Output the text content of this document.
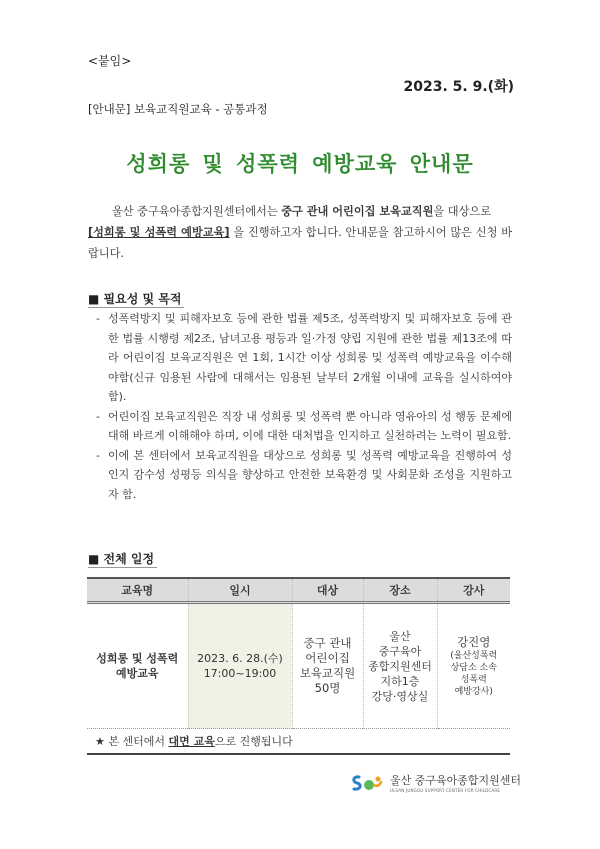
<붙임>
2023. 5. 9.(화)
[안내문] 보육교직원교육 - 공통과정
성희롱 및 성폭력 예방교육 안내문
울산 중구육아종합지원센터에서는 중구 관내 어린이집 보육교직원을 대상으로
[성희롱 및 성폭력 예방교육] 을 진행하고자 합니다. 안내문을 참고하시어 많은 신청 바랍니다.
■ 필요성 및 목적
- 성폭력방지 및 피해자보호 등에 관한 법률 제5조, 성폭력방지 및 피해자보호 등에 관한 법률 시행령 제2조, 남녀고용 평등과 일·가정 양립 지원에 관한 법률 제13조에 따라 어린이집 보육교직원은 연 1회, 1시간 이상 성희롱 및 성폭력 예방교육을 이수해야함(신규 임용된 사람에 대해서는 임용된 날부터 2개월 이내에 교육을 실시하여야 함).
- 어린이집 보육교직원은 직장 내 성희롱 및 성폭력 뿐 아니라 영유아의 성 행동 문제에 대해 바르게 이해해야 하며, 이에 대한 대처법을 인지하고 실천하려는 노력이 필요함.
- 이에 본 센터에서 보육교직원을 대상으로 성희롱 및 성폭력 예방교육을 진행하여 성인지 감수성 성평등 의식을 향상하고 안전한 보육환경 및 사회문화 조성을 지원하고자 함.
■ 전체 일정
교육명	일시	대상	장소	강사
성희롱 및 성폭력 예방교육	2023. 6. 28.(수)
17:00~19:00	중구 관내
어린이집
보육교직원
50명	울산
중구육아
종합지원센터
지하1층
강당·영상실	강진영
(울산성폭력
상담소 소속
성폭력
예방강사)
★ 본 센터에서 대면 교육으로 진행됩니다
울산 중구육아종합지원센터
ULSAN JUNGGU SUPPORT CENTER FOR CHILDCARE
